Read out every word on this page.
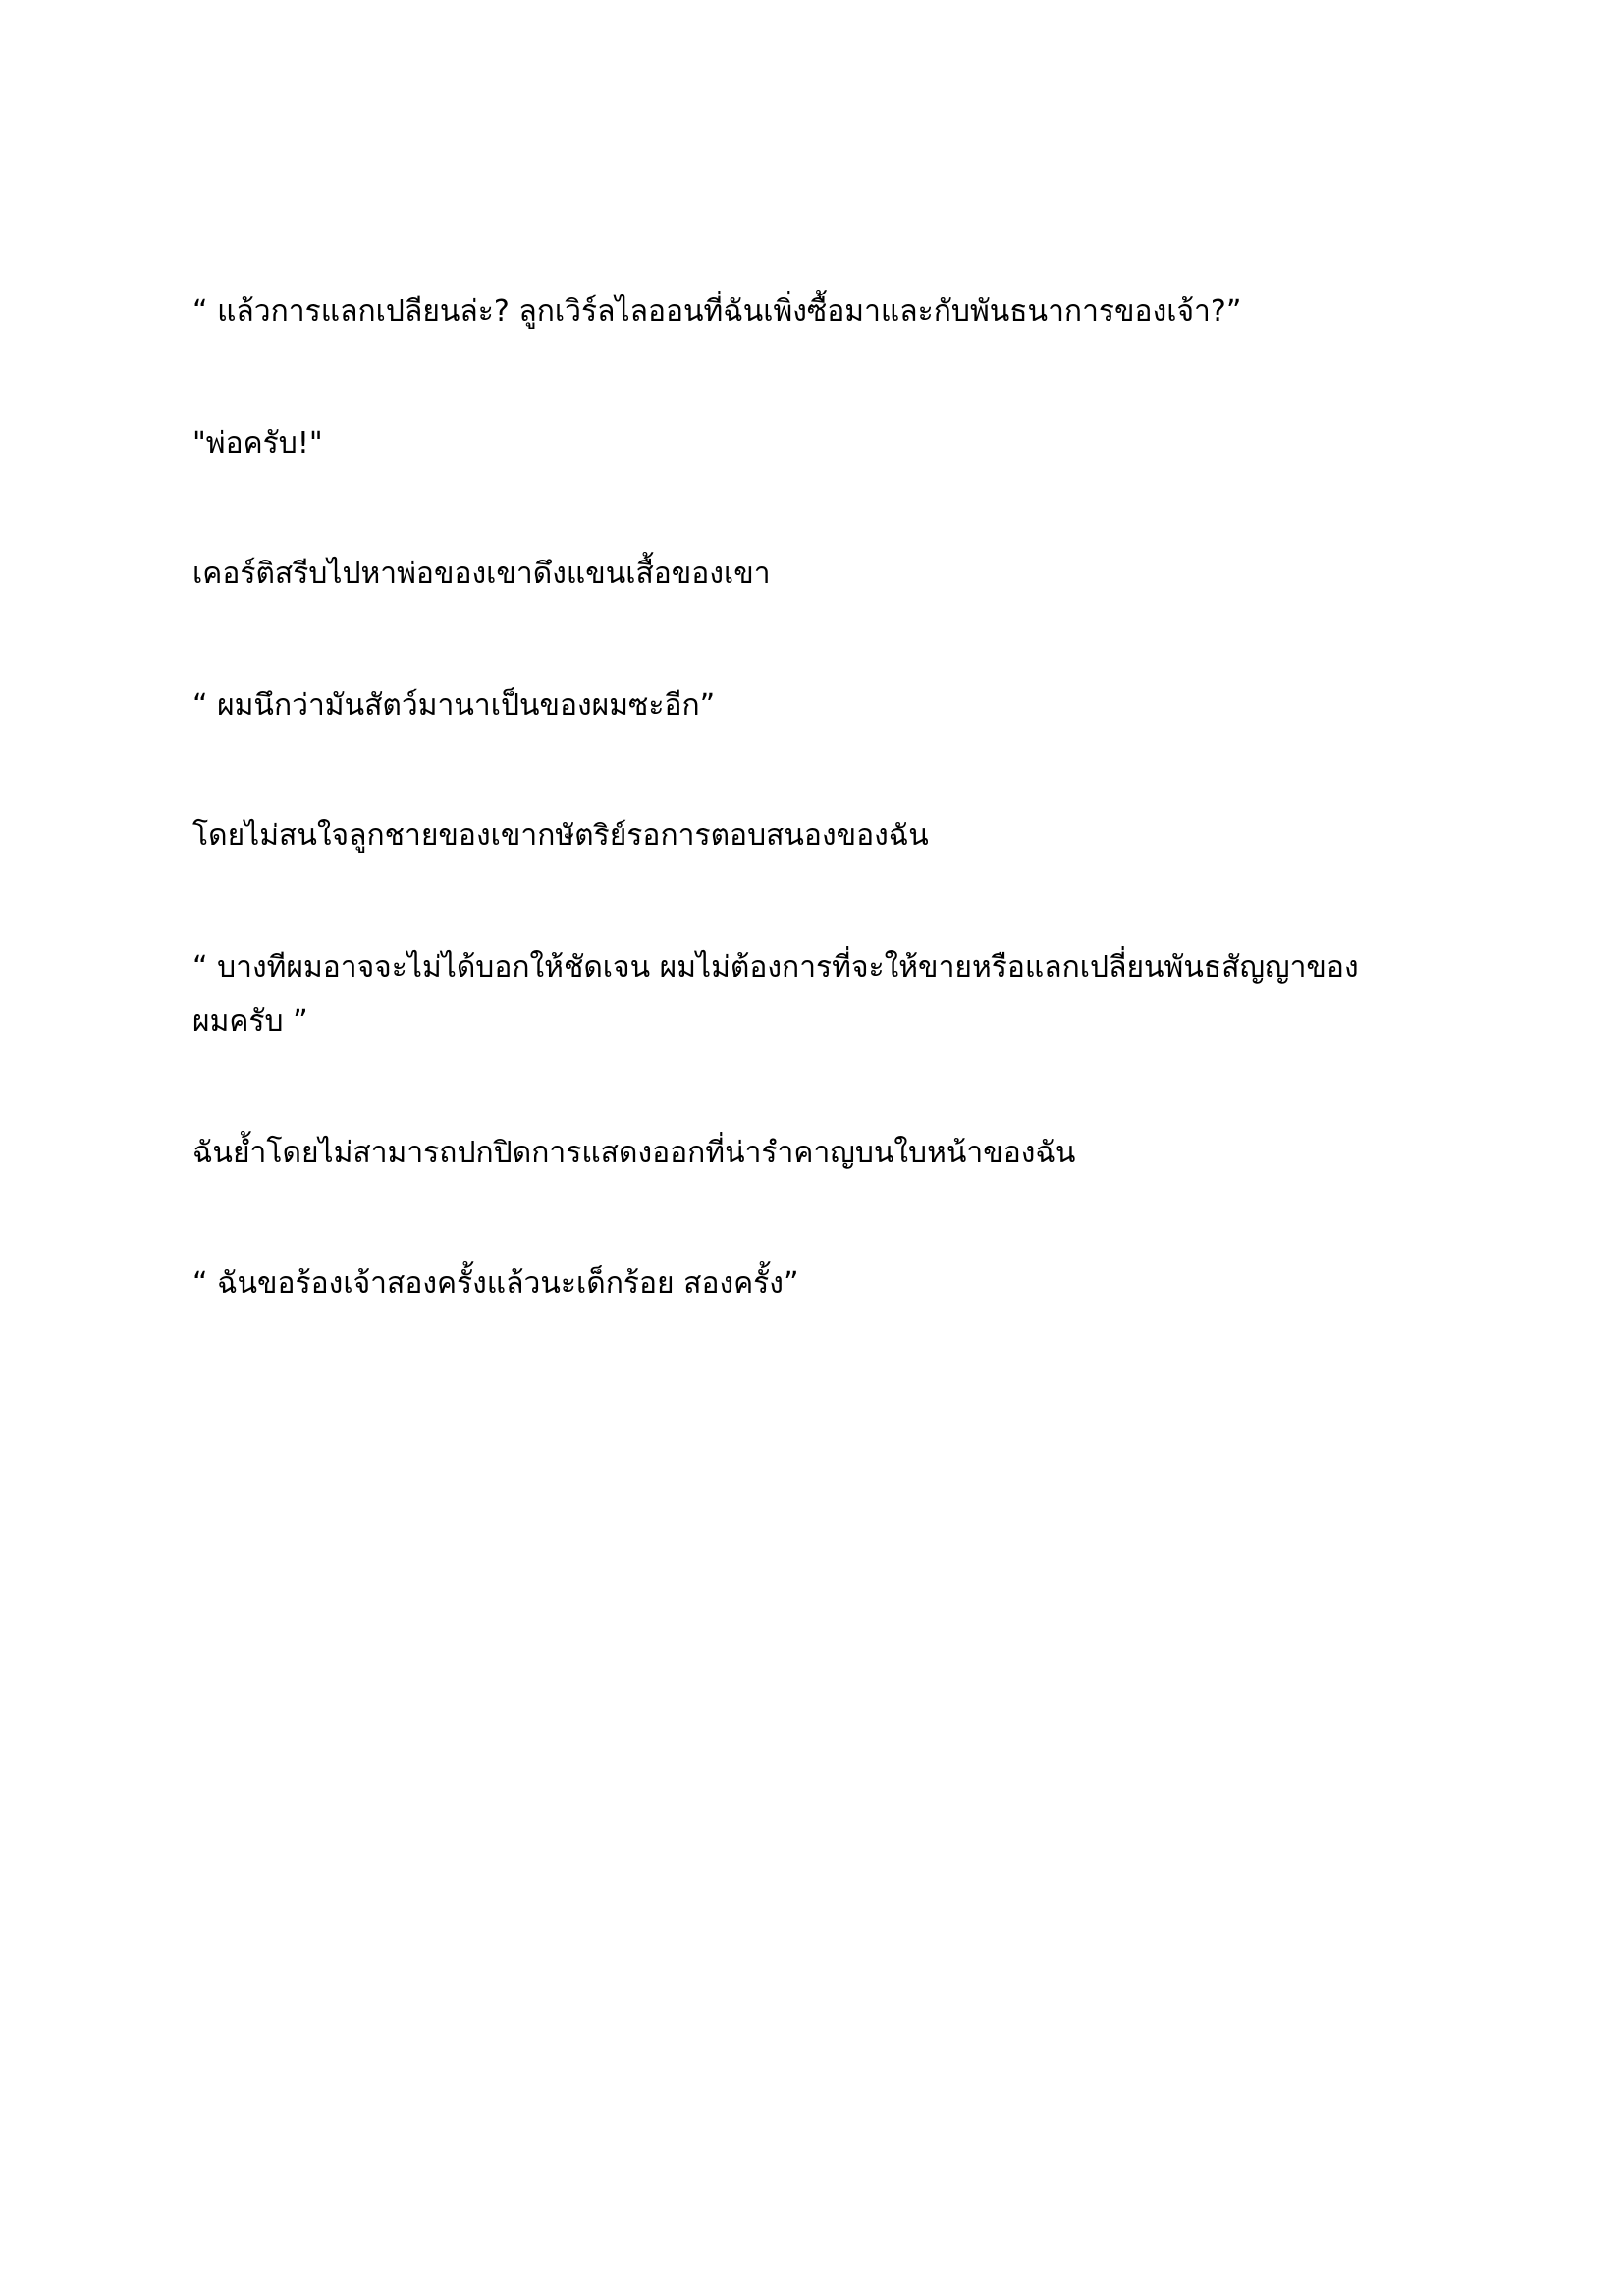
“ แล้วการแลกเปลียนล่ะ? ลูกเวิร์ลไลออนที่ฉันเพิ่งซื้อมาและกับพันธนาการของเจ้า?”

"พ่อครับ!"

เคอร์ติสรีบไปหาพ่อของเขาดึงแขนเสื้อของเขา

“ ผมนึกว่ามันสัตว์มานาเป็นของผมซะอีก”

โดยไม่สนใจลูกชายของเขากษัตริย์รอการตอบสนองของฉัน

“ บางทีผมอาจจะไม่ได้บอกให้ชัดเจน ผมไม่ต้องการที่จะให้ขายหรือแลกเปลี่ยนพันธสัญญาของผมครับ ”

ฉันย้ำโดยไม่สามารถปกปิดการแสดงออกที่น่ารำคาญบนใบหน้าของฉัน

“ ฉันขอร้องเจ้าสองครั้งแล้วนะเด็กร้อย สองครั้ง”
